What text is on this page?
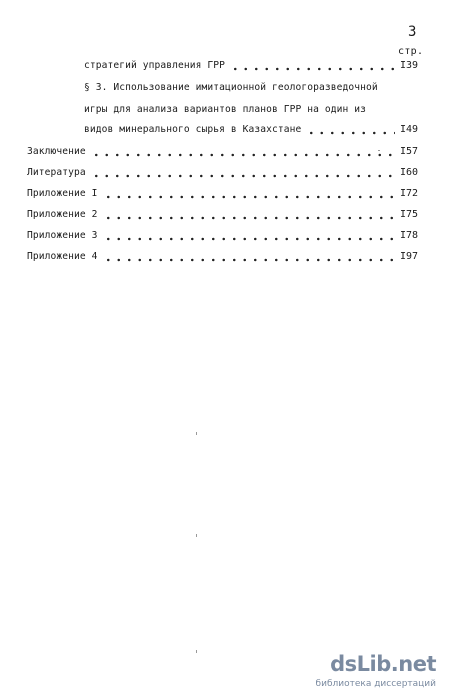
3
стр.
стратегий управления ГРР	I39
§ 3. Использование имитационной геологоразведочной
игры для анализа вариантов планов ГРР на один из
видов минерального сырья в Казахстане	I49
Заключение	I57
Литература	I60
Приложение I	I72
Приложение 2	I75
Приложение 3	I78
Приложение 4	I97
dsLib.net
библиотека диссертаций
